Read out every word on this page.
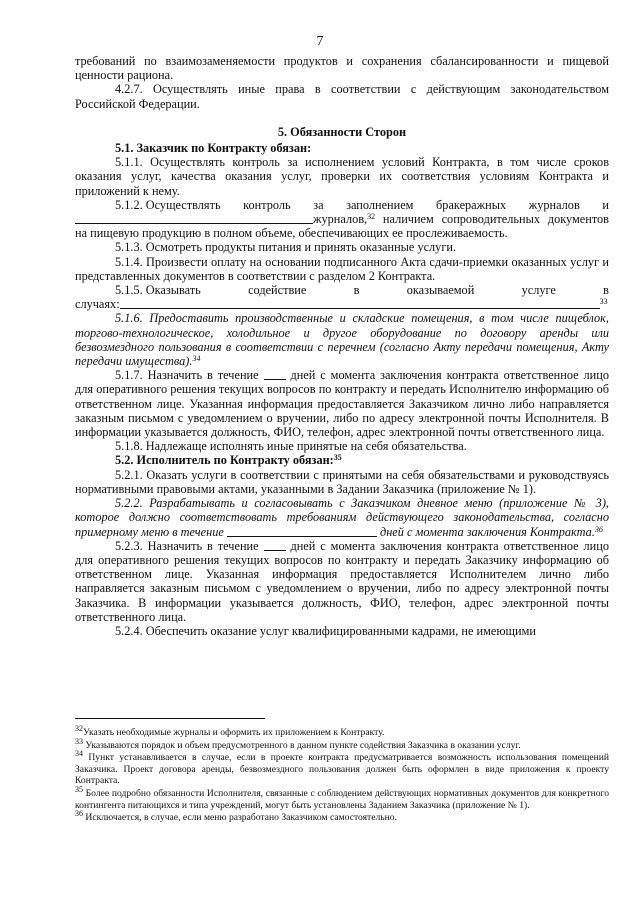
7

требований по взаимозаменяемости продуктов и сохранения сбалансированности и пищевой ценности рациона.

4.2.7. Осуществлять иные права в соответствии с действующим законодательством Российской Федерации.

5. Обязанности Сторон

5.1. Заказчик по Контракту обязан:

5.1.1. Осуществлять контроль за исполнением условий Контракта, в том числе сроков оказания услуг, качества оказания услуг, проверки их соответствия условиям Контракта и приложений к нему.

5.1.2. Осуществлять контроль за заполнением бракеражных журналов и

журналов,$^{32}$ наличием сопроводительных документов на пищевую продукцию в полном объеме, обеспечивающих ее прослеживаемость.

5.1.3. Осмотреть продукты питания и принять оказанные услуги.

5.1.4. Произвести оплату на основании подписанного Акта сдачи-приемки оказанных услуг и представленных документов в соответствии с разделом 2 Контракта.

5.1.5. Оказывать	содействие	в	оказываемой	услуге	в

случаях:	$^{33}$

5.1.6. Предоставить производственные и складские помещения, в том числе пищеблок, торгово-технологическое, холодильное и другое оборудование по договору аренды или безвозмездного пользования в соответствии с перечнем (согласно Акту передачи помещения, Акту передачи имущества).$^{34}$

5.1.7. Назначить в течение  дней с момента заключения контракта ответственное лицо для оперативного решения текущих вопросов по контракту и передать Исполнителю информацию об ответственном лице. Указанная информация предоставляется Заказчиком лично либо направляется заказным письмом с уведомлением о вручении, либо по адресу электронной почты Исполнителя. В информации указывается должность, ФИО, телефон, адрес электронной почты ответственного лица.

5.1.8. Надлежаще исполнять иные принятые на себя обязательства.

5.2. Исполнитель по Контракту обязан:$^{35}$

5.2.1. Оказать услуги в соответствии с принятыми на себя обязательствами и руководствуясь нормативными правовыми актами, указанными в Задании Заказчика (приложение № 1).

5.2.2. Разрабатывать и согласовывать с Заказчиком дневное меню (приложение № 3), которое должно соответствовать требованиям действующего законодательства, согласно примерному меню в течение	дней с момента заключения Контракта.$^{36}$

5.2.3. Назначить в течение  дней с момента заключения контракта ответственное лицо для оперативного решения текущих вопросов по контракту и передать Заказчику информацию об ответственном лице. Указанная информация предоставляется Исполнителем лично либо направляется заказным письмом с уведомлением о вручении, либо по адресу электронной почты Заказчика. В информации указывается должность, ФИО, телефон, адрес электронной почты ответственного лица.

5.2.4. Обеспечить оказание услуг квалифицированными кадрами, не имеющими

$^{32}$Указать необходимые журналы и оформить их приложением к Контракту.

$^{33}$ Указываются порядок и объем предусмотренного в данном пункте содействия Заказчика в оказании услуг.

$^{34}$ Пункт устанавливается в случае, если в проекте контракта предусматривается возможность использования помещений Заказчика. Проект договора аренды, безвозмездного пользования должен быть оформлен в виде приложения к проекту Контракта.

$^{35}$ Более подробно обязанности Исполнителя, связанные с соблюдением действующих нормативных документов для конкретного контингента питающихся и типа учреждений, могут быть установлены Заданием Заказчика (приложение № 1).

$^{36}$ Исключается, в случае, если меню разработано Заказчиком самостоятельно.
